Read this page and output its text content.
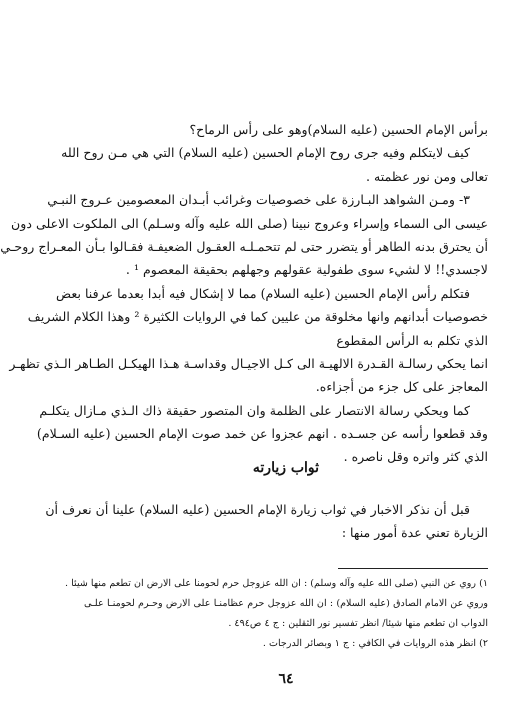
برأس الإمام الحسين (عليه السلام)وهو على رأس الرماح؟
كيف لايتكلم وفيه جرى روح الإمام الحسين (عليه السلام) التي هي مـن روح الله
تعالى ومن نور عظمته .
٣- ومـن الشواهد البـارزة على خصوصيات وغرائب أبـدان المعصومين عـروج النبـي
عيسى الى السماء وإسراء وعروج نبينا (صلى الله عليه وآله وسـلم) الى الملكوت الاعلى دون
أن يحترق بدنه الطاهر أو يتضرر حتى لم تتحمـلـه العقـول الضعيفـة فقـالوا بـأن المعـراج روحـي
لاجسدي!! لا لشيء سوى طفولية عقولهم وجهلهم بحقيقة المعصوم ¹ .
فتكلم رأس الإمام الحسين (عليه السلام) مما لا إشكال فيه أبدا بعدما عرفنا بعض
خصوصيات أبدانهم وانها مخلوقة من عليين كما في الروايات الكثيرة ² وهذا الكلام الشريف
الذي تكلم به الرأس المقطوع
انما يحكي رسالـة القـدرة الالهيـة الى كـل الاجيـال وقداسـة هـذا الهيكـل الطـاهر الـذي تظهـر
المعاجز على كل جزء من أجزاءه.
كما ويحكي رسالة الانتصار على الظلمة وان المتصور حقيقة ذاك الـذي مـازال يتكلـم
وقد قطعوا رأسه عن جسـده . انهم عجزوا عن خمد صوت الإمام الحسين (عليه السـلام)
الذي كثر واتره وقل ناصره .
ثواب زيارته
قبل أن نذكر الاخبار في ثواب زيارة الإمام الحسين (عليه السلام) علينا أن نعرف أن
الزيارة تعني عدة أمور منها :
١) روي عن النبي (صلى الله عليه وآله وسلم) : ان الله عزوجل حرم لحومنا على الارض ان تطعم منها شيئا .
وروي عن الامام الصادق (عليه السلام) : ان الله عزوجل حرم عظامنـا على الارض وحـرم لحومنـا علـى
الدواب ان تطعم منها شيئا/ انظر تفسير نور الثقلين : ج ٤ ص٤٩٤ .
٢) انظر هذه الروايات في الكافي : ج ١ وبصائر الدرجات .
٦٤
